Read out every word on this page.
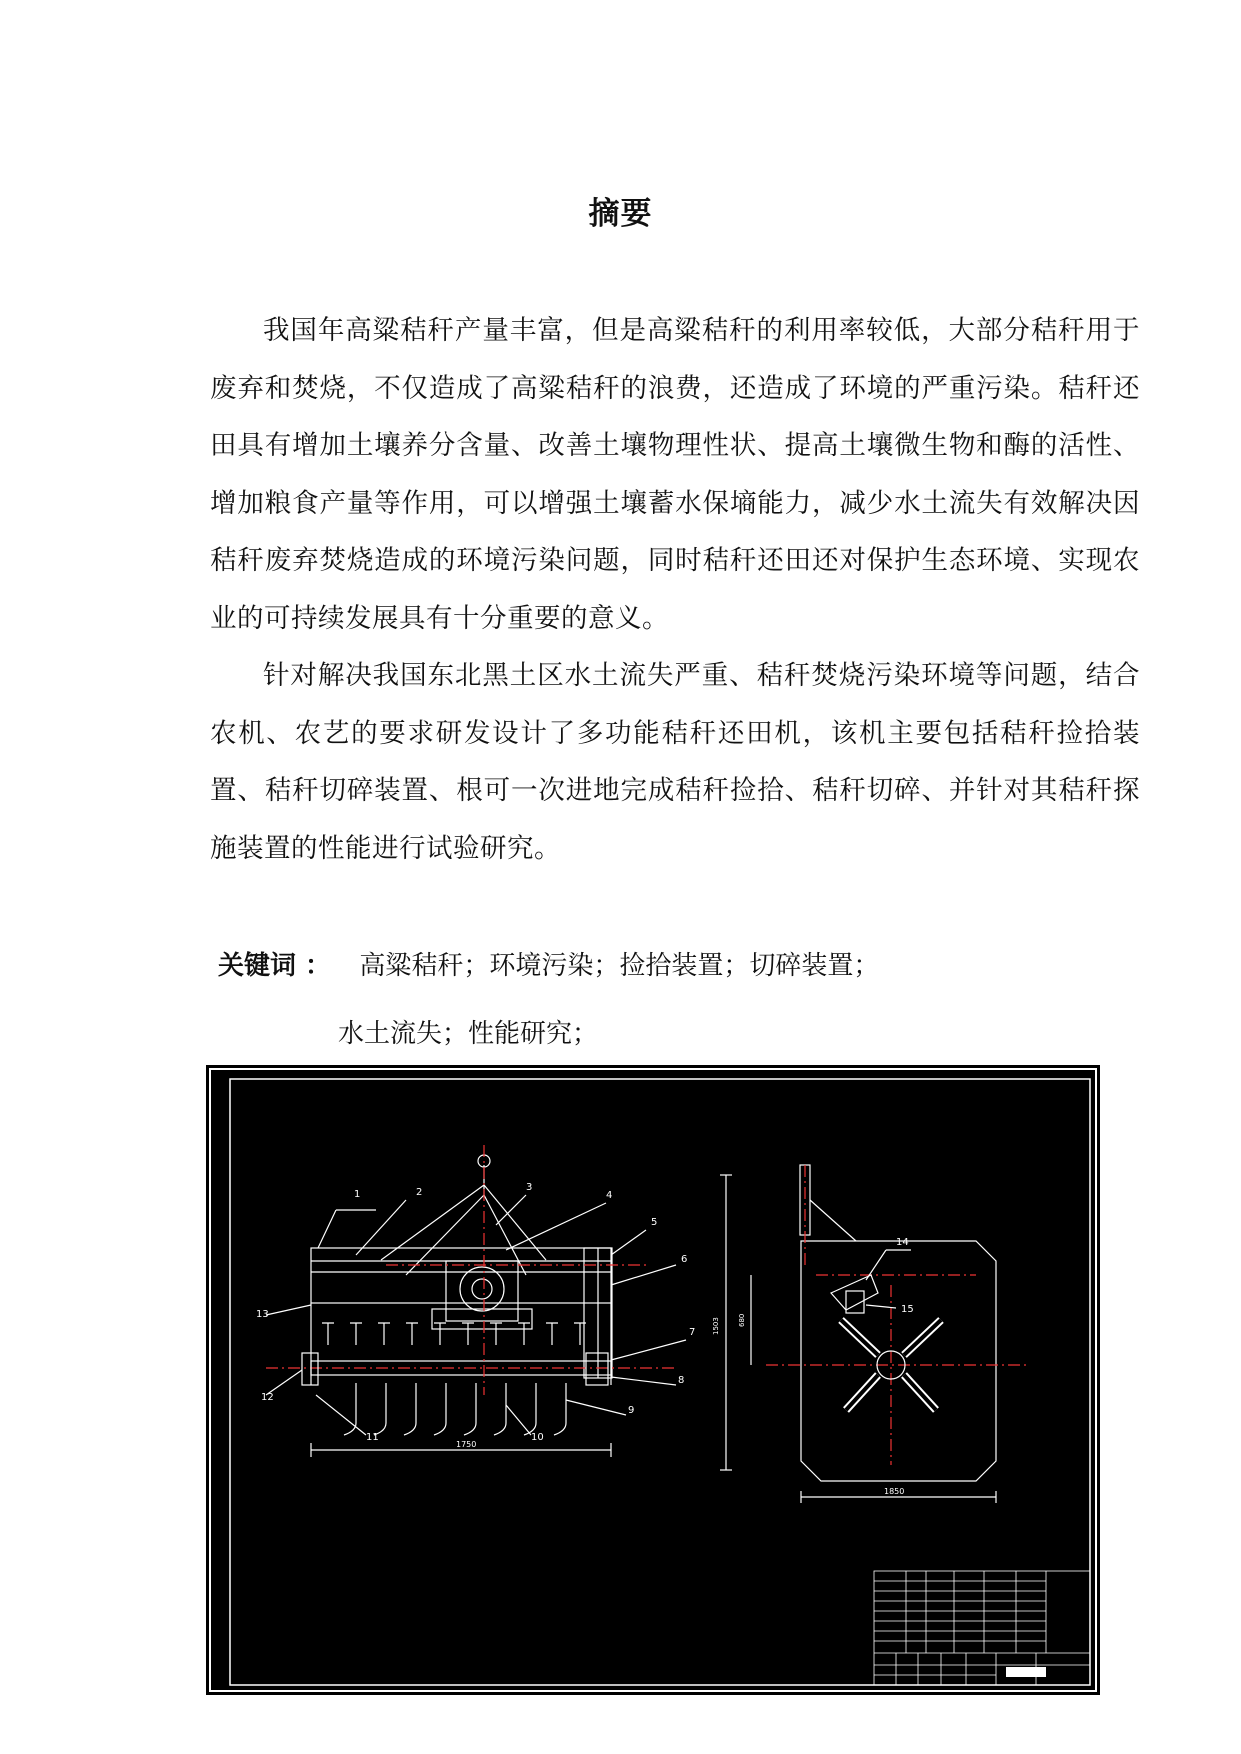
摘要

我国年高粱秸秆产量丰富，但是高粱秸秆的利用率较低，大部分秸秆用于废弃和焚烧，不仅造成了高粱秸秆的浪费，还造成了环境的严重污染。秸秆还田具有增加土壤养分含量、改善土壤物理性状、提高土壤微生物和酶的活性、增加粮食产量等作用，可以增强土壤蓄水保墒能力，减少水土流失有效解决因秸秆废弃焚烧造成的环境污染问题，同时秸秆还田还对保护生态环境、实现农业的可持续发展具有十分重要的意义。

针对解决我国东北黑土区水土流失严重、秸秆焚烧污染环境等问题，结合农机、农艺的要求研发设计了多功能秸秆还田机，该机主要包括秸秆捡拾装置、秸秆切碎装置、根可一次进地完成秸秆捡拾、秸秆切碎、并针对其秸秆探施装置的性能进行试验研究。

关键词 ： 高粱秸秆；环境污染；捡拾装置；切碎装置；
水土流失；性能研究；
1750
1	2	3
4
5
6
7
8
9
10
11
12
13
14
15
1503	680
1850
